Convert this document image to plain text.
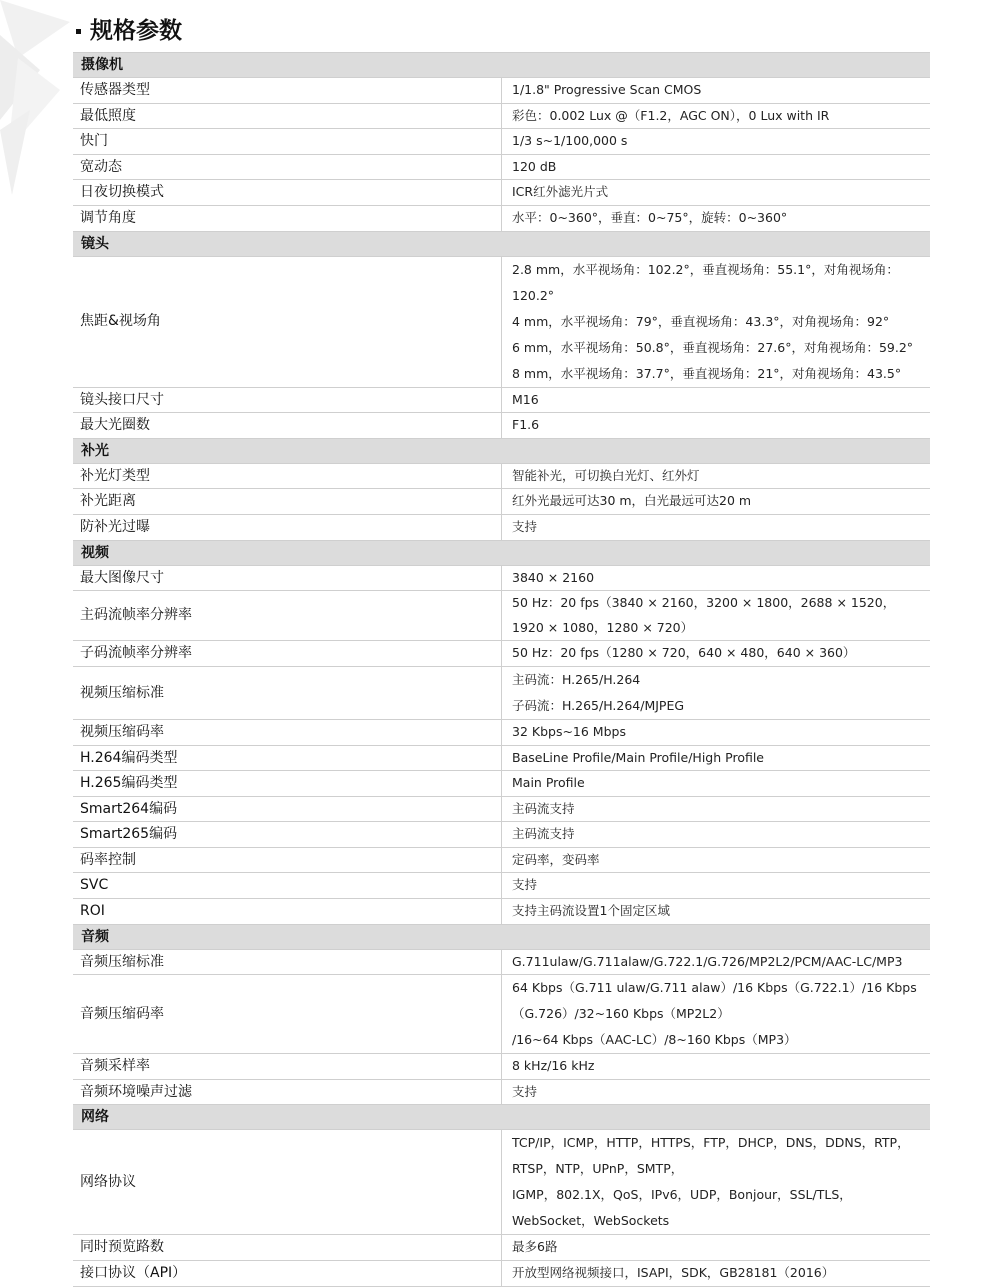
规格参数
摄像机	
传感器类型	1/1.8" Progressive Scan CMOS

最低照度	彩色：0.002 Lux @（F1.2，AGC ON），0 Lux with IR

快门	1/3 s~1/100,000 s

宽动态	120 dB

日夜切换模式	ICR红外滤光片式

调节角度	水平：0~360°，垂直：0~75°，旋转：0~360°

镜头	
焦距&视场角	2.8 mm，水平视场角：102.2°，垂直视场角：55.1°，对角视场角：120.2°
4 mm，水平视场角：79°，垂直视场角：43.3°，对角视场角：92°
6 mm，水平视场角：50.8°，垂直视场角：27.6°，对角视场角：59.2°
8 mm，水平视场角：37.7°，垂直视场角：21°，对角视场角：43.5°

镜头接口尺寸	M16

最大光圈数	F1.6

补光	
补光灯类型	智能补光，可切换白光灯、红外灯

补光距离	红外光最远可达30 m，白光最远可达20 m

防补光过曝	支持

视频	
最大图像尺寸	3840 × 2160

主码流帧率分辨率	50 Hz：20 fps（3840 × 2160，3200 × 1800，2688 × 1520，1920 × 1080，1280 × 720）

子码流帧率分辨率	50 Hz：20 fps（1280 × 720，640 × 480，640 × 360）

视频压缩标准	主码流：H.265/H.264
子码流：H.265/H.264/MJPEG

视频压缩码率	32 Kbps~16 Mbps

H.264编码类型	BaseLine Profile/Main Profile/High Profile

H.265编码类型	Main Profile

Smart264编码	主码流支持

Smart265编码	主码流支持

码率控制	定码率，变码率

SVC	支持

ROI	支持主码流设置1个固定区域

音频	
音频压缩标准	G.711ulaw/G.711alaw/G.722.1/G.726/MP2L2/PCM/AAC-LC/MP3

音频压缩码率	64 Kbps（G.711 ulaw/G.711 alaw）/16 Kbps（G.722.1）/16 Kbps（G.726）/32~160 Kbps（MP2L2）
/16~64 Kbps（AAC-LC）/8~160 Kbps（MP3）

音频采样率	8 kHz/16 kHz

音频环境噪声过滤	支持

网络	
网络协议	TCP/IP，ICMP，HTTP，HTTPS，FTP，DHCP，DNS，DDNS，RTP，RTSP，NTP，UPnP，SMTP，
IGMP，802.1X，QoS，IPv6，UDP，Bonjour，SSL/TLS，WebSocket，WebSockets

同时预览路数	最多6路

接口协议（API）	开放型网络视频接口，ISAPI，SDK，GB28181（2016）
